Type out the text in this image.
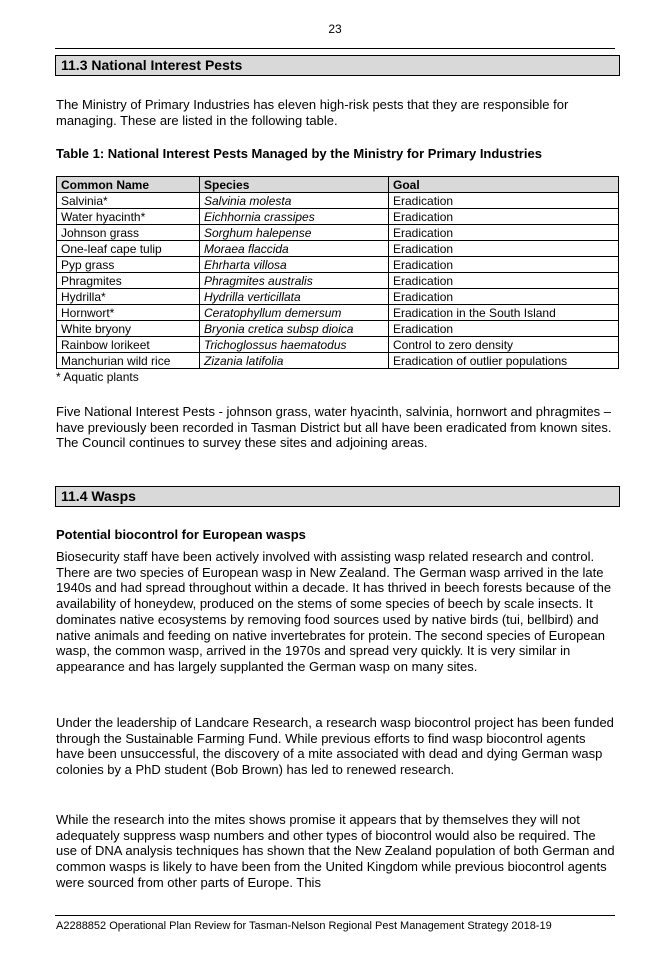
23
11.3 National Interest Pests
The Ministry of Primary Industries has eleven high-risk pests that they are responsible for managing. These are listed in the following table.
Table 1: National Interest Pests Managed by the Ministry for Primary Industries
Common Name	Species	Goal
Salvinia*	Salvinia molesta	Eradication
Water hyacinth*	Eichhornia crassipes	Eradication
Johnson grass	Sorghum halepense	Eradication
One-leaf cape tulip	Moraea flaccida	Eradication
Pyp grass	Ehrharta villosa	Eradication
Phragmites	Phragmites australis	Eradication
Hydrilla*	Hydrilla verticillata	Eradication
Hornwort*	Ceratophyllum demersum	Eradication in the South Island
White bryony	Bryonia cretica subsp dioica	Eradication
Rainbow lorikeet	Trichoglossus haematodus	Control to zero density
Manchurian wild rice	Zizania latifolia	Eradication of outlier populations
* Aquatic plants
Five National Interest Pests - johnson grass, water hyacinth, salvinia, hornwort and phragmites – have previously been recorded in Tasman District but all have been eradicated from known sites. The Council continues to survey these sites and adjoining areas.
11.4 Wasps
Potential biocontrol for European wasps
Biosecurity staff have been actively involved with assisting wasp related research and control. There are two species of European wasp in New Zealand. The German wasp arrived in the late 1940s and had spread throughout within a decade. It has thrived in beech forests because of the availability of honeydew, produced on the stems of some species of beech by scale insects. It dominates native ecosystems by removing food sources used by native birds (tui, bellbird) and native animals and feeding on native invertebrates for protein. The second species of European wasp, the common wasp, arrived in the 1970s and spread very quickly. It is very similar in appearance and has largely supplanted the German wasp on many sites.
Under the leadership of Landcare Research, a research wasp biocontrol project has been funded through the Sustainable Farming Fund. While previous efforts to find wasp biocontrol agents have been unsuccessful, the discovery of a mite associated with dead and dying German wasp colonies by a PhD student (Bob Brown) has led to renewed research.
While the research into the mites shows promise it appears that by themselves they will not adequately suppress wasp numbers and other types of biocontrol would also be required. The use of DNA analysis techniques has shown that the New Zealand population of both German and common wasps is likely to have been from the United Kingdom while previous biocontrol agents were sourced from other parts of Europe. This
A2288852 Operational Plan Review for Tasman-Nelson Regional Pest Management Strategy 2018-19
